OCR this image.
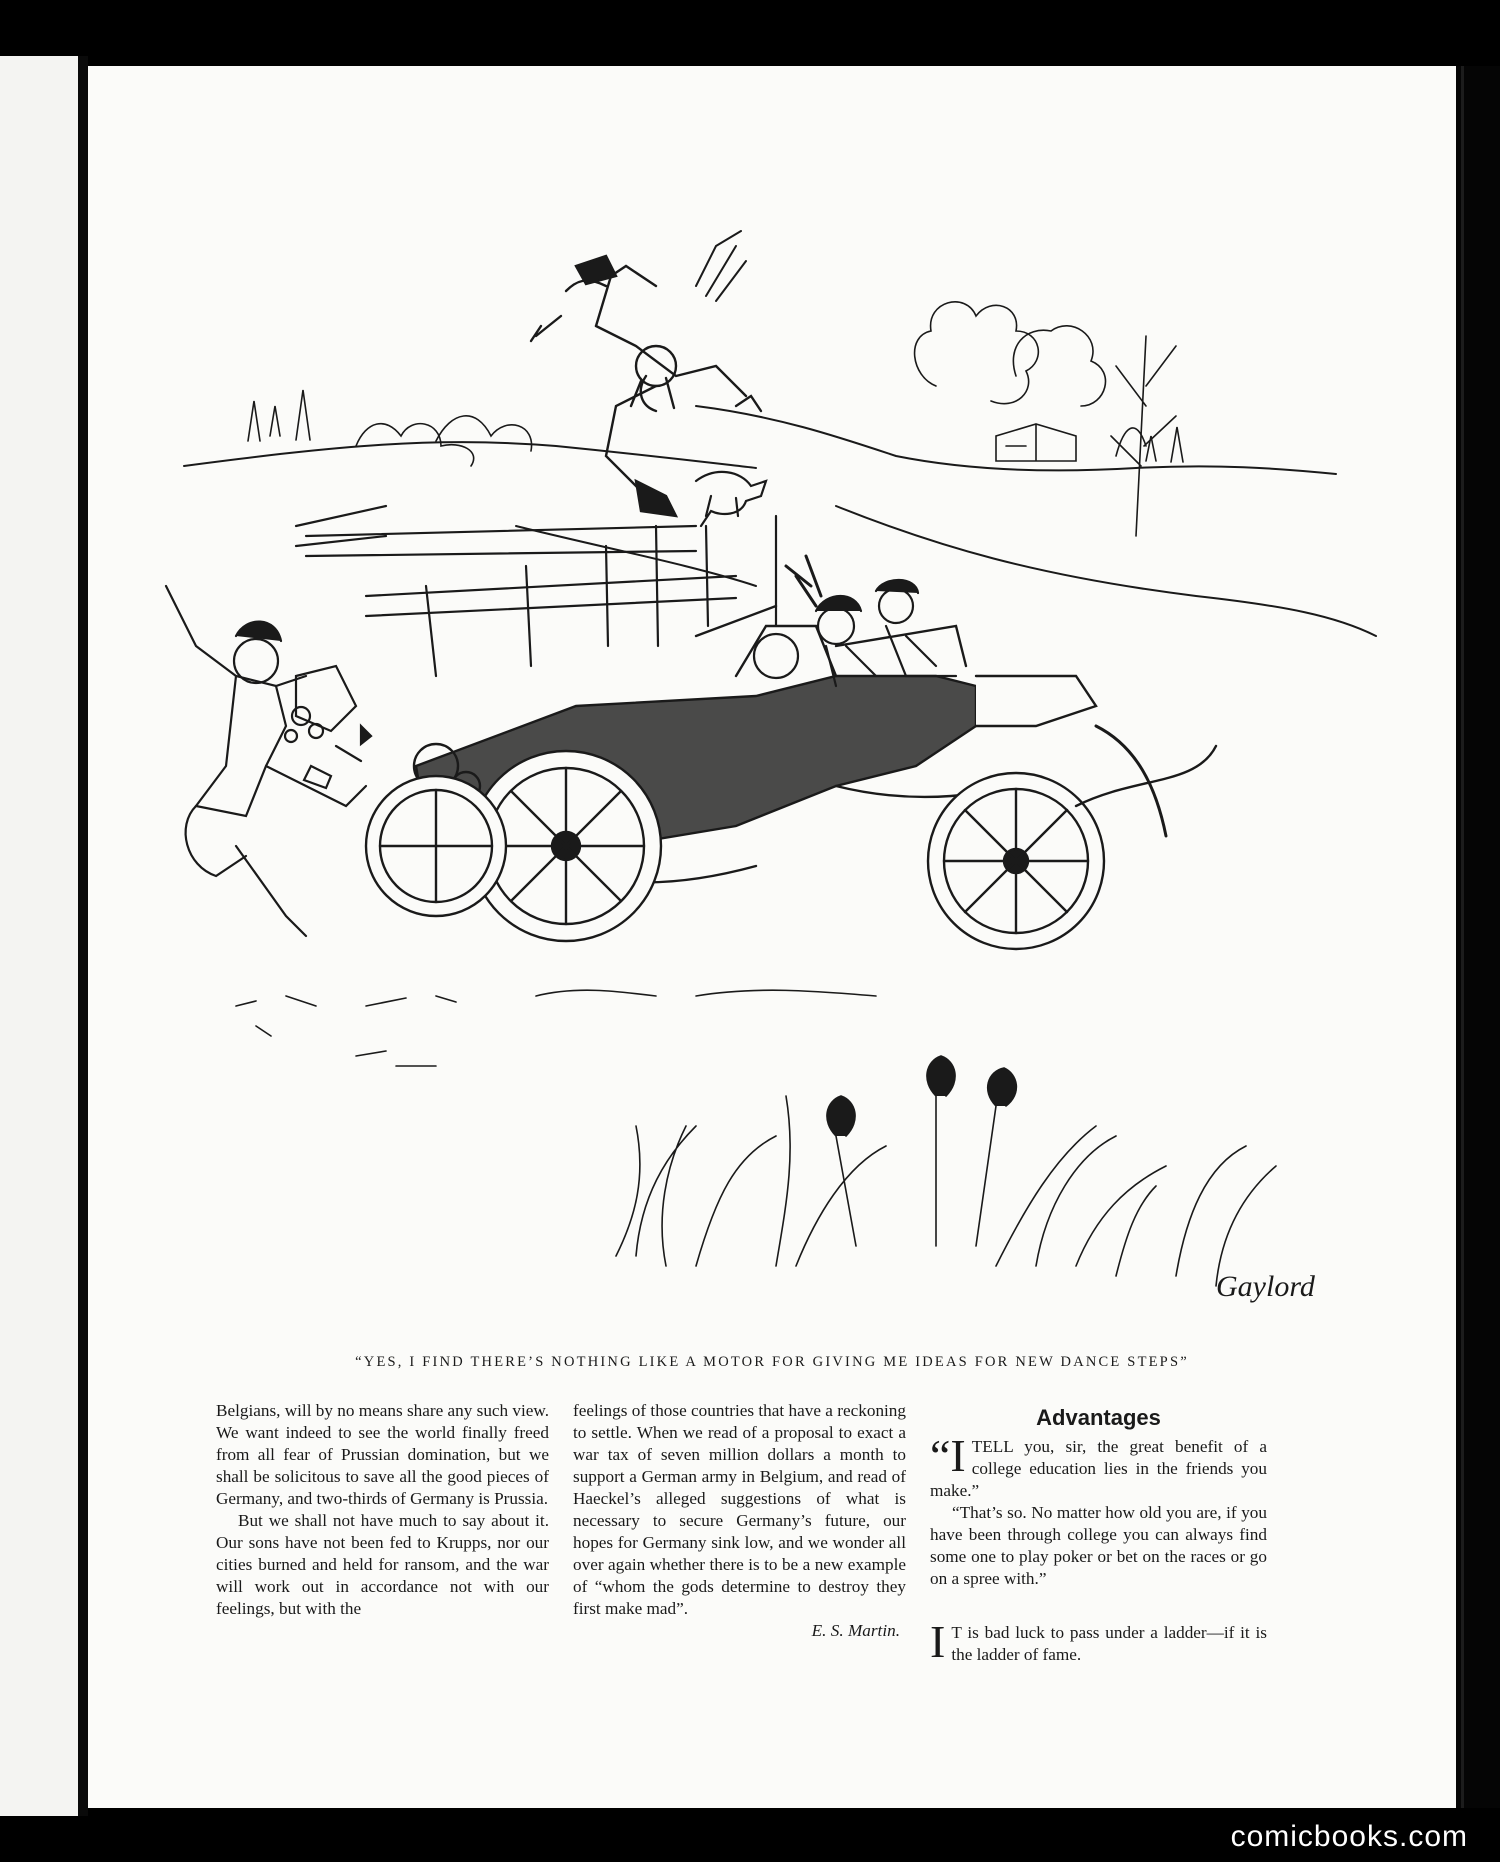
Gaylord
“YES, I FIND THERE’S NOTHING LIKE A MOTOR FOR GIVING ME IDEAS FOR NEW DANCE STEPS”

Belgians, will by no means share any such view. We want indeed to see the world finally freed from all fear of Prussian domination, but we shall be solicitous to save all the good pieces of Germany, and two-thirds of Germany is Prussia.

But we shall not have much to say about it. Our sons have not been fed to Krupps, nor our cities burned and held for ransom, and the war will work out in accordance not with our feelings, but with the

feelings of those countries that have a reckoning to settle. When we read of a proposal to exact a war tax of seven million dollars a month to support a German army in Belgium, and read of Haeckel’s alleged suggestions of what is necessary to secure Germany’s future, our hopes for Germany sink low, and we wonder all over again whether there is to be a new example of “whom the gods determine to destroy they first make mad”.

E. S. Martin.

Advantages

“ITELL you, sir, the great benefit of a college education lies in the friends you make.”

“That’s so. No matter how old you are, if you have been through college you can always find some one to play poker or bet on the races or go on a spree with.”

I T is bad luck to pass under a ladder—if it is the ladder of fame.

comicbooks.com
